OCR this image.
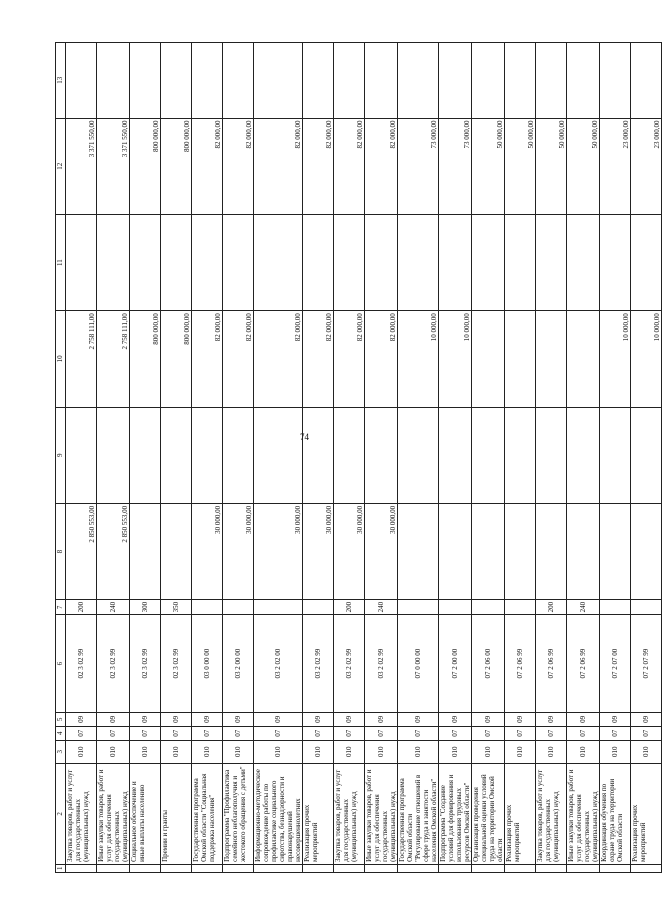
74
1	2	3	4	5	6	7	8	9	10	11	12	13
	Закупка товаров, работ и услуг для государственных (муниципальных) нужд	010	07	09	02 3 02 99	200	2 850 553,00		2 758 111,00		3 371 550,00	
	Иные закупки товаров, работ и услуг для обеспечения государственных (муниципальных) нужд	010	07	09	02 3 02 99	240	2 850 553,00		2 758 111,00		3 371 550,00	
	Социальное обеспечение и иные выплаты населению	010	07	09	02 3 02 99	300			800 000,00		800 000,00	
	Премии и гранты	010	07	09	02 3 02 99	350			800 000,00		800 000,00	
	Государственная программа Омской области "Социальная поддержка населения"	010	07	09	03 0 00 00		30 000,00		82 000,00		82 000,00	
	Подпрограмма "Профилактика семейного неблагополучия и жестокого обращения с детьми"	010	07	09	03 2 00 00		30 000,00		82 000,00		82 000,00	
	Информационно-методическое сопровождение работы по профилактике социального сиротства, безнадзорности и правонарушений несовершеннолетних	010	07	09	03 2 02 00		30 000,00		82 000,00		82 000,00	
	Реализация прочих мероприятий	010	07	09	03 2 02 99		30 000,00		82 000,00		82 000,00	
	Закупка товаров, работ и услуг для государственных (муниципальных) нужд	010	07	09	03 2 02 99	200	30 000,00		82 000,00		82 000,00	
	Иные закупки товаров, работ и услуг для обеспечения государственных (муниципальных) нужд	010	07	09	03 2 02 99	240	30 000,00		82 000,00		82 000,00	
	Государственная программа Омской области "Регулирование отношений в сфере труда и занятости населения Омской области"	010	07	09	07 0 00 00				10 000,00		73 000,00	
	Подпрограмма "Создание условий для формирования и использования трудовых ресурсов Омской области"	010	07	09	07 2 00 00				10 000,00		73 000,00	
	Организация проведения специальной оценки условий труда на территории Омской области	010	07	09	07 2 06 00						50 000,00	
	Реализация прочих мероприятий	010	07	09	07 2 06 99						50 000,00	
	Закупка товаров, работ и услуг для государственных (муниципальных) нужд	010	07	09	07 2 06 99	200					50 000,00	
	Иные закупки товаров, работ и услуг для обеспечения государственных (муниципальных) нужд	010	07	09	07 2 06 99	240					50 000,00	
	Координация обучения по охране труда на территории Омской области	010	07	09	07 2 07 00				10 000,00		23 000,00	
	Реализация прочих мероприятий	010	07	09	07 2 07 99				10 000,00		23 000,00	
